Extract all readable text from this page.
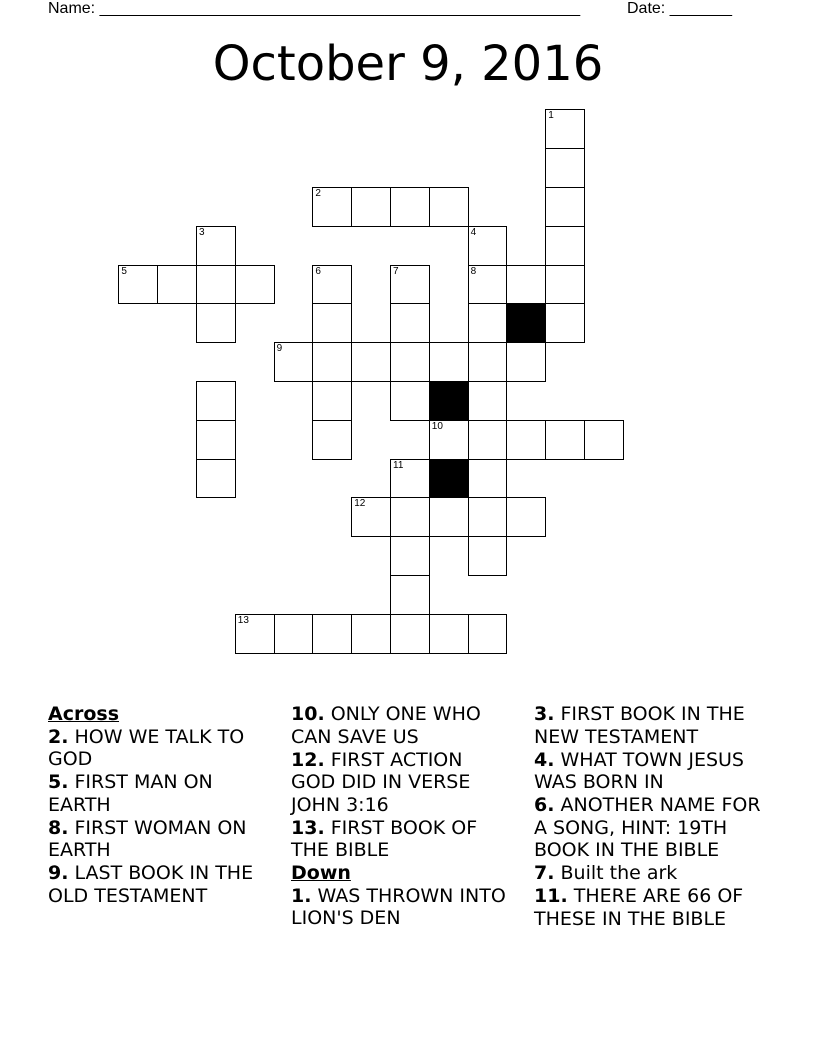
Name: ______________________________________________________	Date: _______
October 9, 2016
1
2
3	4
5	6	7	8
9
10
11
12
13
Across
2. HOW WE TALK TO GOD
5. FIRST MAN ON EARTH
8. FIRST WOMAN ON EARTH
9. LAST BOOK IN THE OLD TESTAMENT
10. ONLY ONE WHO CAN SAVE US
12. FIRST ACTION GOD DID IN VERSE JOHN 3:16
13. FIRST BOOK OF THE BIBLE
Down
1. WAS THROWN INTO LION'S DEN
3. FIRST BOOK IN THE NEW TESTAMENT
4. WHAT TOWN JESUS WAS BORN IN
6. ANOTHER NAME FOR A SONG, HINT: 19TH BOOK IN THE BIBLE
7. Built the ark
11. THERE ARE 66 OF THESE IN THE BIBLE
